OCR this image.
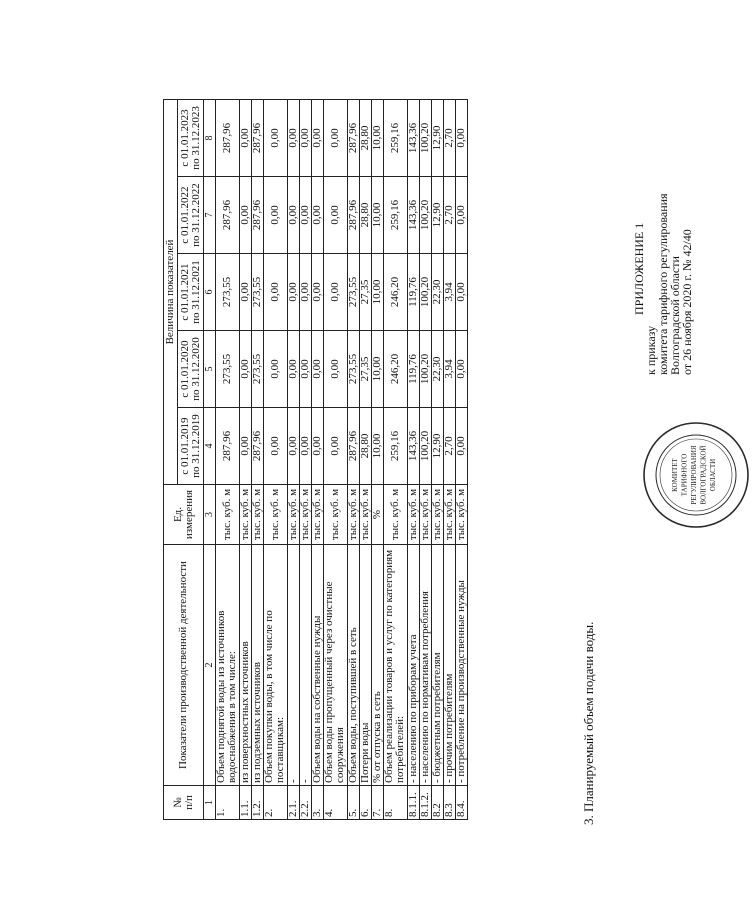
3. Планируемый объем подачи воды.
№ п/п	Показатели производственной деятельности	Ед. измерения	Величина показателей				

			с 01.01.2019 по 31.12.2019	с 01.01.2020 по 31.12.2020	с 01.01.2021 по 31.12.2021	с 01.01.2022 по 31.12.2022	с 01.01.2023 по 31.12.2023

1	2	3	4	5	6	7	8
1.	Объем поднятой воды из источников водоснабжения в том числе:	тыс. куб. м	287,96	273,55	273,55	287,96	287,96
1.1.	из поверхностных источников	тыс. куб. м	0,00	0,00	0,00	0,00	0,00
1.2.	из подземных источников	тыс. куб. м	287,96	273,55	273,55	287,96	287,96
2.	Объем покупки воды, в том числе по поставщикам:	тыс. куб. м	0,00	0,00	0,00	0,00	0,00
2.1.	-	тыс. куб. м	0,00	0,00	0,00	0,00	0,00
2.2.	-	тыс. куб. м	0,00	0,00	0,00	0,00	0,00
3.	Объем воды на собственные нужды	тыс. куб. м	0,00	0,00	0,00	0,00	0,00
4.	Объем воды пропущенный через очистные сооружения	тыс. куб. м	0,00	0,00	0,00	0,00	0,00
5.	Объем воды, поступившей в сеть	тыс. куб. м	287,96	273,55	273,55	287,96	287,96
6.	Потери воды	тыс. куб. м	28,80	27,35	27,35	28,80	28,80
7.	% от отпуска в сеть	%	10,00	10,00	10,00	10,00	10,00
8.	Объем реализации товаров и услуг по категориям потребителей:	тыс. куб. м	259,16	246,20	246,20	259,16	259,16
8.1.1.	- населению по приборам учета	тыс. куб. м	143,36	119,76	119,76	143,36	143,36
8.1.2.	- населению по нормативам потребления	тыс. куб. м	100,20	100,20	100,20	100,20	100,20
8.2	- бюджетным потребителям	тыс. куб. м	12,90	22,30	22,30	12,90	12,90
8.3	- прочим потребителям	тыс. куб. м	2,70	3,94	3,94	2,70	2,70
8.4.	- потребление на производственные нужды	тыс. куб. м	0,00	0,00	0,00	0,00	0,00
КОМИТЕТ ТАРИФНОГО РЕГУЛИРОВАНИЯ ВОЛГОГРАДСКОЙ ОБЛАСТИ
ПРИЛОЖЕНИЕ 1
к приказу
комитета тарифного регулирования
Волгоградской области
от 26 ноября 2020 г. № 42/40
